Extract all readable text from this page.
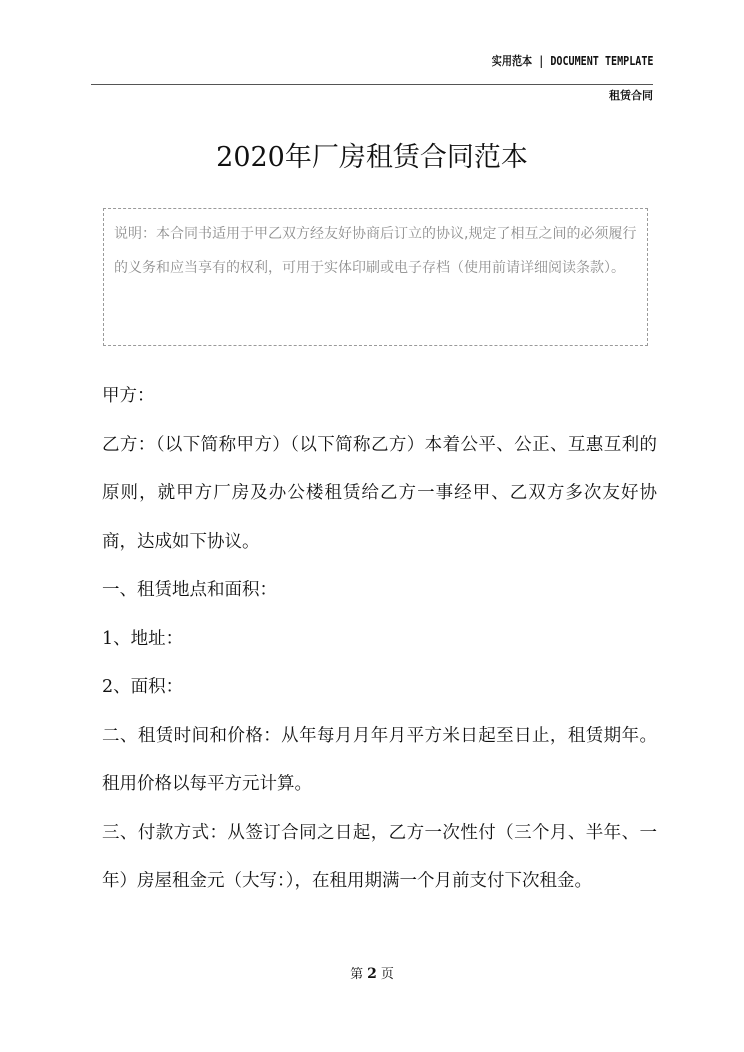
实用范本 | DOCUMENT TEMPLATE
租赁合同
2020年厂房租赁合同范本
说明：本合同书适用于甲乙双方经友好协商后订立的协议,规定了相互之间的必须履行的义务和应当享有的权利，可用于实体印刷或电子存档（使用前请详细阅读条款）。

甲方：

乙方：（以下简称甲方）（以下简称乙方）本着公平、公正、互惠互利的原则，就甲方厂房及办公楼租赁给乙方一事经甲、乙双方多次友好协商，达成如下协议。

一、租赁地点和面积：

1、地址：

2、面积：

二、租赁时间和价格：从年每月月年月平方米日起至日止，租赁期年。租用价格以每平方元计算。

三、付款方式：从签订合同之日起，乙方一次性付（三个月、半年、一年）房屋租金元（大写：），在租用期满一个月前支付下次租金。

第 2 页
